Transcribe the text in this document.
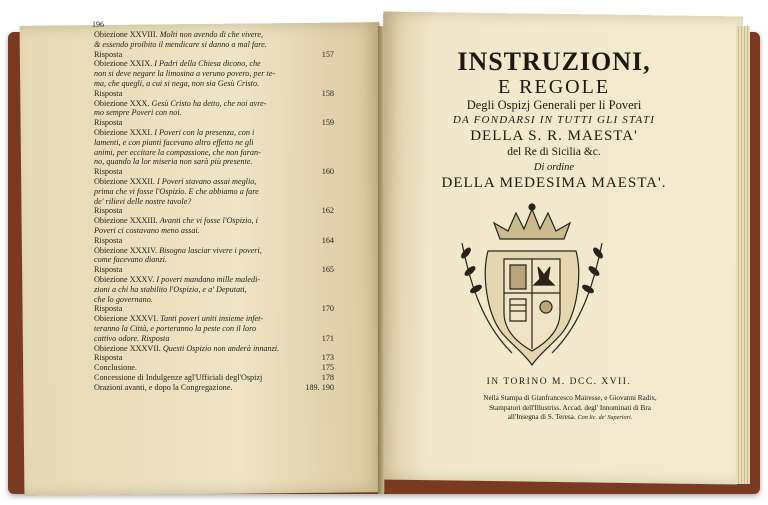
196
Obiezione XXVIII. Molti non avendo di che vivere,
& essendo proibito il mendicare si danno a mal fare.
Risposta	157
Obiezione XXIX. I Padri della Chiesa dicono, che
non si deve negare la limosina a veruno povero, per te-
ma, che quegli, a cui si nega, non sia Gesù Cristo.
Risposta	158
Obiezione XXX. Gesù Cristo ha detto, che noi avre-
mo sempre Poveri con noi.
Risposta	159
Obiezione XXXI. I Poveri con la presenza, con i
lamenti, e con pianti facevano altro effetto ne gli
animi, per eccitare la compassione, che non faran-
no, quando la lor miseria non sarà più presente.
Risposta	160
Obiezione XXXII. I Poveri stavano assai meglio,
prima che vi fosse l'Ospizio. E che abbiamo a fare
de' rilievi delle nostre tavole?
Risposta	162
Obiezione XXXIII. Avanti che vi fosse l'Ospizio, i
Poveri ci costavano meno assai.
Risposta	164
Obiezione XXXIV. Bisogna lasciar vivere i poveri,
come facevano dianzi.
Risposta	165
Obiezione XXXV. I poveri mandano mille maledi-
zioni a chi ha stabilito l'Ospizio, e a' Deputati,
che lo governano.
Risposta	170
Obiezione XXXVI. Tanti poveri uniti insieme infet-
teranno la Città, e porteranno la peste con il loro
cattivo odore. Risposta	171
Obiezione XXXVII. Questi Ospizio non anderà innanzi.
Risposta	173
Conclusione.	175
Concessione di Indulgenze agl'Ufficiali degl'Ospizj	178
Orazioni avanti, e dopo la Congregazione.	189. 190
INSTRUZIONI,
E REGOLE
Degli Ospizj Generali per li Poveri
DA FONDARSI IN TUTTI GLI STATI
DELLA S. R. MAESTA'
del Re di Sicilia &c.
Di ordine
DELLA MEDESIMA MAESTA'.
IN TORINO M. DCC. XVII.
Nella Stampa di Gianfrancesco Mairesse, e Giovanni Radix,
Stampatori dell'Illustriss. Accad. degl' Innominati di Bra
all'Insegna di S. Teresa. Con lic. de' Superiori.
